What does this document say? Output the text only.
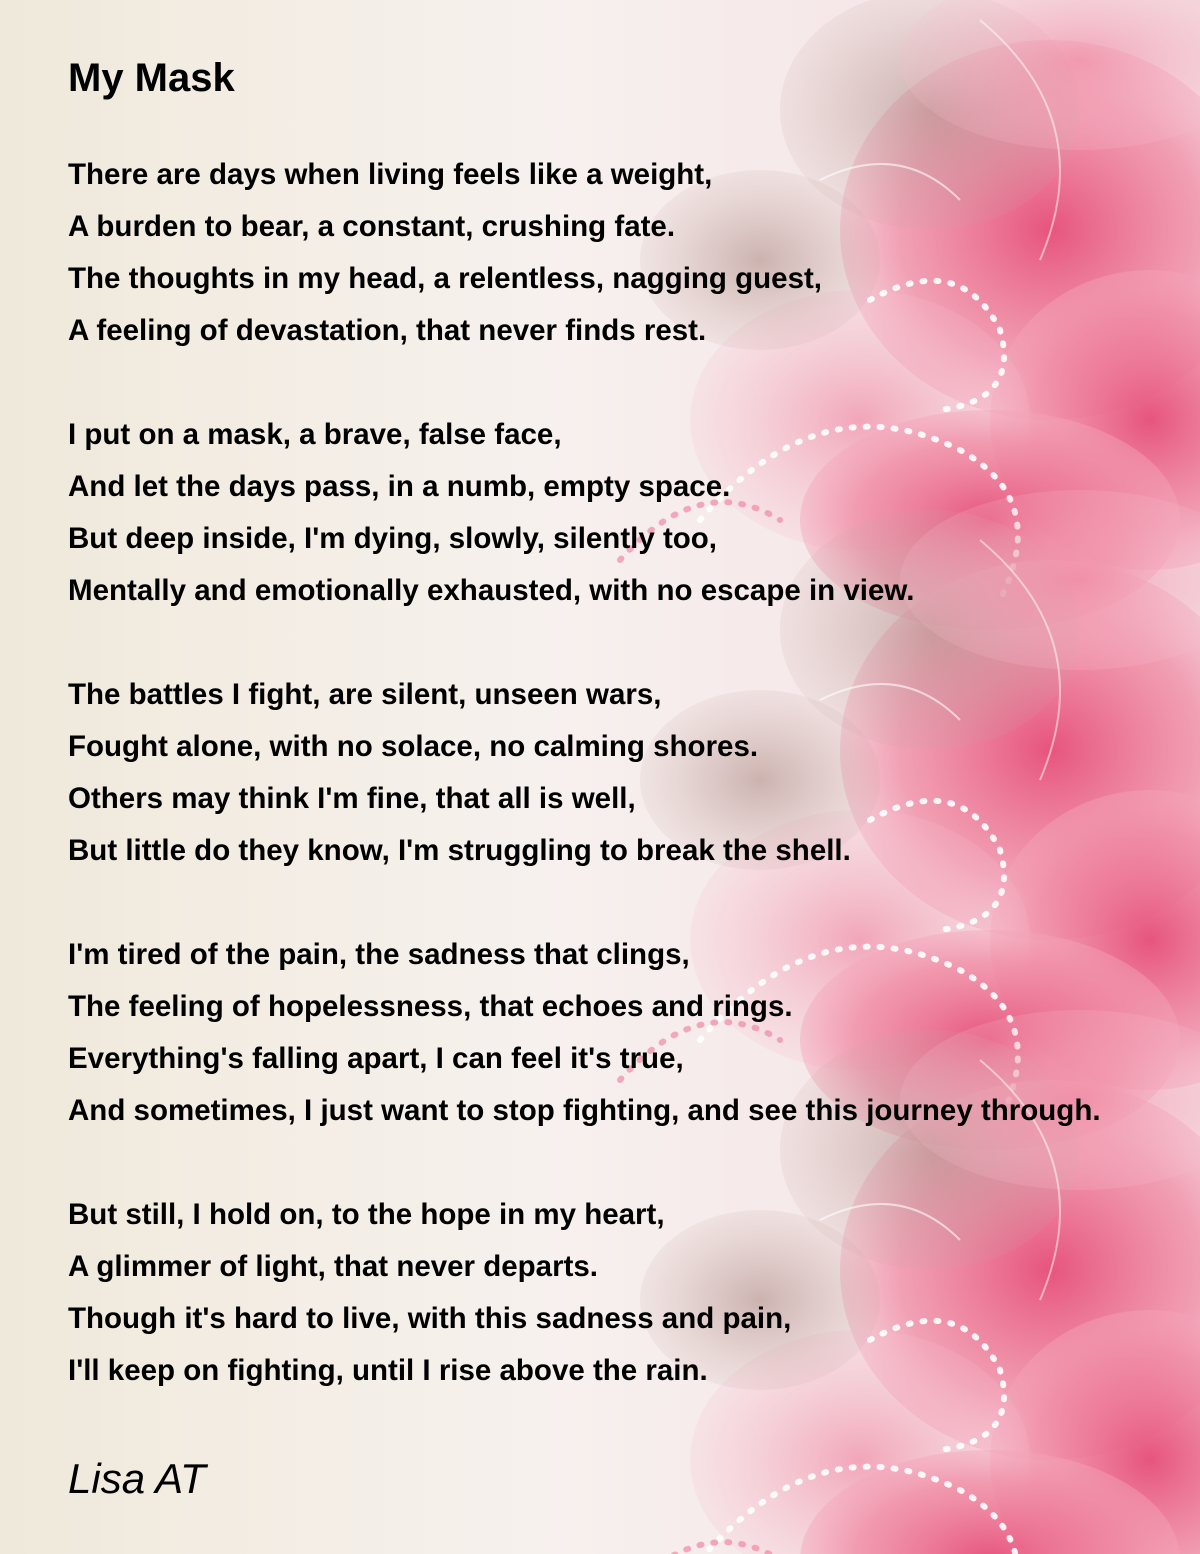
My Mask
There are days when living feels like a weight,
A burden to bear, a constant, crushing fate.
The thoughts in my head, a relentless, nagging guest,
A feeling of devastation, that never finds rest.
I put on a mask, a brave, false face,
And let the days pass, in a numb, empty space.
But deep inside, I'm dying, slowly, silently too,
Mentally and emotionally exhausted, with no escape in view.
The battles I fight, are silent, unseen wars,
Fought alone, with no solace, no calming shores.
Others may think I'm fine, that all is well,
But little do they know, I'm struggling to break the shell.
I'm tired of the pain, the sadness that clings,
The feeling of hopelessness, that echoes and rings.
Everything's falling apart, I can feel it's true,
And sometimes, I just want to stop fighting, and see this journey through.
But still, I hold on, to the hope in my heart,
A glimmer of light, that never departs.
Though it's hard to live, with this sadness and pain,
I'll keep on fighting, until I rise above the rain.
Lisa AT
